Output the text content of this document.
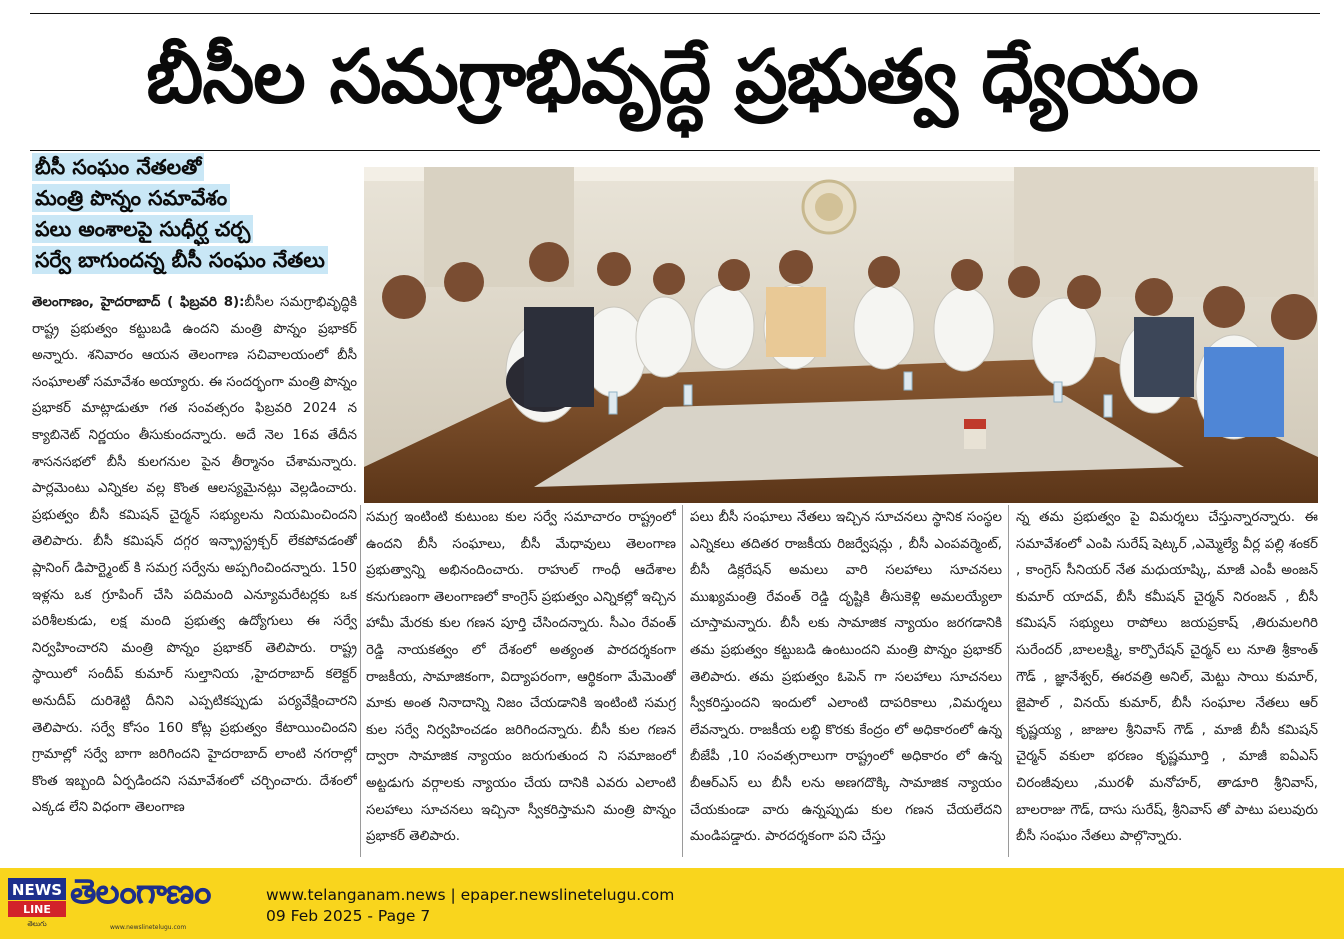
బీసీల సమగ్రాభివృద్ధే ప్రభుత్వ ధ్యేయం
బీసీ సంఘం నేతలతో
మంత్రి పొన్నం సమావేశం
పలు అంశాలపై సుధీర్ఘ చర్చ
సర్వే బాగుందన్న బీసీ సంఘం నేతలు

తెలంగాణం, హైదరాబాద్ ( ఫిబ్రవరి 8):బీసీల సమగ్రాభివృద్ధికి రాష్ట్ర ప్రభుత్వం కట్టుబడి ఉందని మంత్రి పొన్నం ప్రభాకర్ అన్నారు. శనివారం ఆయన తెలంగాణ సచివాలయంలో బీసీ సంఘాలతో సమావేశం అయ్యారు. ఈ సందర్భంగా మంత్రి పొన్నం ప్రభాకర్ మాట్లాడుతూ గత సంవత్సరం ఫిబ్రవరి 2024 న క్యాబినెట్ నిర్ణయం తీసుకుందన్నారు. అదే నెల 16వ తేదీన శాసనసభలో బీసీ కులగనుల పైన తీర్మానం చేశామన్నారు. పార్లమెంటు ఎన్నికల వల్ల కొంత ఆలస్యమైనట్లు వెల్లడించారు. ప్రభుత్వం బీసీ కమిషన్ చైర్మన్ సభ్యులను నియమించిందని తెలిపారు. బీసీ కమిషన్ దగ్గర ఇన్ఫ్రాస్ట్రక్చర్ లేకపోవడంతో ప్లానింగ్ డిపార్ట్మెంట్ కి సమగ్ర సర్వేను అప్పగించిందన్నారు. 150 ఇళ్లను ఒక గ్రూపింగ్ చేసి పదిమంది ఎన్యూమరేటర్లకు ఒక పరిశీలకుడు, లక్ష మంది ప్రభుత్వ ఉద్యోగులు ఈ సర్వే నిర్వహించారని మంత్రి పొన్నం ప్రభాకర్ తెలిపారు. రాష్ట్ర స్థాయిలో సందీప్ కుమార్ సుల్తానియ ,హైదరాబాద్ కలెక్టర్ అనుదీప్ దురిశెట్టి దీనిని ఎప్పటికప్పుడు పర్యవేక్షించారని తెలిపారు. సర్వే కోసం 160 కోట్ల ప్రభుత్వం కేటాయించిందని గ్రామాల్లో సర్వే బాగా జరిగిందని హైదరాబాద్ లాంటి నగరాల్లో కొంత ఇబ్బంది ఏర్పడిందని సమావేశంలో చర్చించారు. దేశంలో ఎక్కడ లేని విధంగా తెలంగాణ

సమగ్ర ఇంటింటి కుటుంబ కుల సర్వే సమాచారం రాష్ట్రంలో ఉందని బీసీ సంఘాలు, బీసీ మేధావులు తెలంగాణ ప్రభుత్వాన్ని అభినందించారు. రాహుల్ గాంధీ ఆదేశాల కనుగుణంగా తెలంగాణలో కాంగ్రెస్ ప్రభుత్వం ఎన్నికల్లో ఇచ్చిన హామీ మేరకు కుల గణన పూర్తి చేసిందన్నారు. సీఎం రేవంత్ రెడ్డి నాయకత్వం లో దేశంలో అత్యంత పారదర్శకంగా రాజకీయ, సామాజికంగా, విద్యాపరంగా, ఆర్థికంగా మేమెంతో మాకు అంత నినాదాన్ని నిజం చేయడానికి ఇంటింటి సమగ్ర కుల సర్వే నిర్వహించడం జరిగిందన్నారు. బీసీ కుల గణన ద్వారా సామాజిక న్యాయం జరుగుతుంద ని సమాజంలో అట్టడుగు వర్గాలకు న్యాయం చేయ దానికి ఎవరు ఎలాంటి సలహాలు సూచనలు ఇచ్చినా స్వీకరిస్తామని మంత్రి పొన్నం ప్రభాకర్ తెలిపారు.

పలు బీసీ సంఘాలు నేతలు ఇచ్చిన సూచనలు స్థానిక సంస్థల ఎన్నికలు తదితర రాజకీయ రిజర్వేషన్లు , బీసీ ఎంపవర్మెంట్, బీసీ డిక్లరేషన్ అమలు వారి సలహాలు సూచనలు ముఖ్యమంత్రి రేవంత్ రెడ్డి దృష్టికి తీసుకెళ్లి అమలయ్యేలా చూస్తామన్నారు. బీసీ లకు సామాజిక న్యాయం జరగడానికి తమ ప్రభుత్వం కట్టుబడి ఉంటుందని మంత్రి పొన్నం ప్రభాకర్ తెలిపారు. తమ ప్రభుత్వం ఓపెన్ గా సలహాలు సూచనలు స్వీకరిస్తుందని ఇందులో ఎలాంటి దాపరికాలు ,విమర్శలు లేవన్నారు. రాజకీయ లబ్ధి కొరకు కేంద్రం లో అధికారంలో ఉన్న బీజేపీ ,10 సంవత్సరాలుగా రాష్ట్రంలో అధికారం లో ఉన్న బీఆర్ఎస్ లు బీసీ లను అణగదొక్కి సామాజిక న్యాయం చేయకుండా వారు ఉన్నప్పుడు కుల గణన చేయలేదని మండిపడ్డారు. పారదర్శకంగా పని చేస్తు

న్న తమ ప్రభుత్వం పై విమర్శలు చేస్తున్నారన్నారు. ఈ సమావేశంలో ఎంపి సురేష్ షెట్కర్ ,ఎమ్మెల్యే వీర్ల పల్లి శంకర్ , కాంగ్రెస్ సీనియర్ నేత మధుయాష్కి, మాజీ ఎంపీ అంజన్ కుమార్ యాదవ్, బీసీ కమీషన్ చైర్మన్ నిరంజన్ , బీసీ కమిషన్ సభ్యులు రాపోలు జయప్రకాష్ ,తిరుమలగిరి సురేందర్ ,బాలలక్ష్మి, కార్పొరేషన్ చైర్మన్ లు నూతి శ్రీకాంత్ గౌడ్ , జ్ఞానేశ్వర్, ఈరవత్రి అనిల్, మెట్టు సాయి కుమార్, జైపాల్ , వినయ్ కుమార్, బీసీ సంఘాల నేతలు ఆర్ కృష్ణయ్య , జాజుల శ్రీనివాస్ గౌడ్ , మాజీ బీసీ కమిషన్ చైర్మన్ వకులా భరణం కృష్ణమూర్తి , మాజీ ఐఏఎస్ చిరంజీవులు ,మురళీ మనోహర్, తాడూరి శ్రీనివాస్, బాలరాజు గౌడ్, దాసు సురేష్, శ్రీనివాస్ తో పాటు పలువురు బీసీ సంఘం నేతలు పాల్గొన్నారు.

NEWS
LINE
తెలుగు
తెలంగాణం
www.newslinetelugu.com
www.telanganam.news | epaper.newslinetelugu.com
09 Feb 2025 - Page 7
